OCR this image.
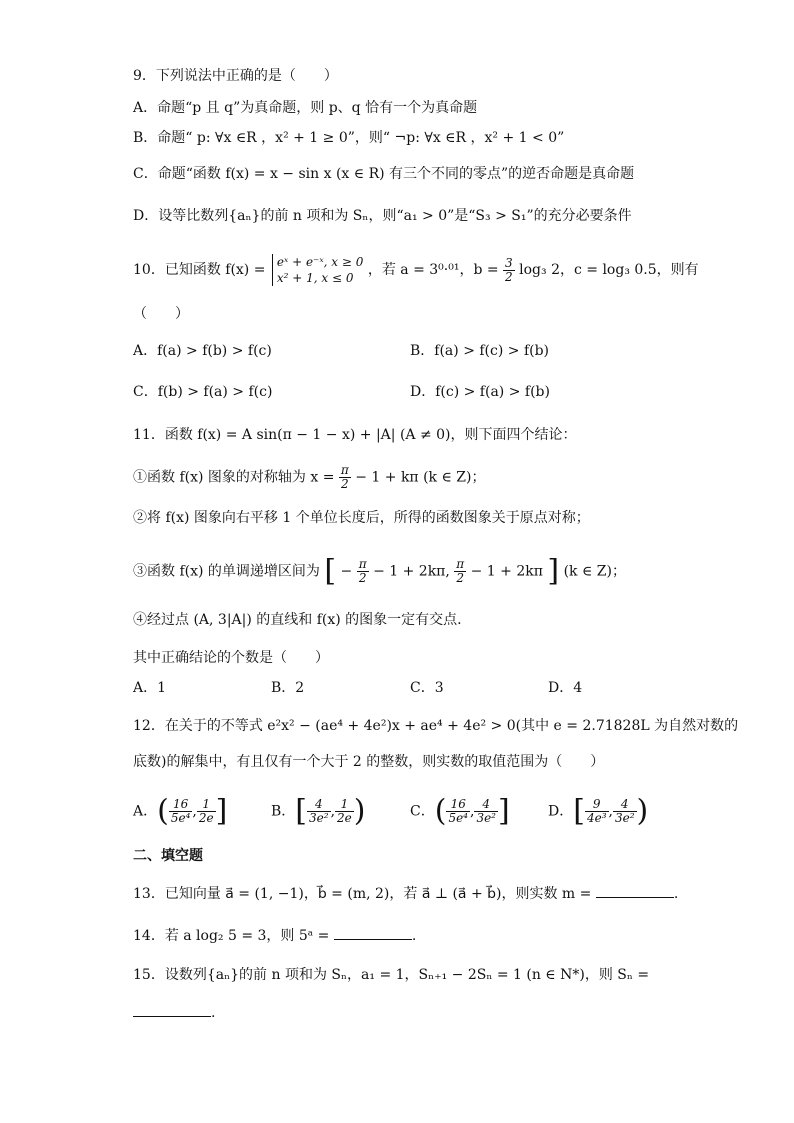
9．下列说法中正确的是（　　）
A．命题“p 且 q”为真命题，则 p、q 恰有一个为真命题
B．命题“ p: ∀x ∈R ，x² + 1 ≥ 0”，则“ ¬p: ∀x ∈R ，x² + 1 < 0”
C．命题“函数 f(x) = x − sin x (x ∈ R) 有三个不同的零点”的逆否命题是真命题
D．设等比数列{aₙ}的前 n 项和为 Sₙ，则“a₁ > 0”是“S₃ > S₁”的充分必要条件
10．已知函数 f(x) = eˣ + e⁻ˣ, x ≥ 0
x² + 1, x ≤ 0	，若 a = 3⁰·⁰¹，$b = \frac{3}{2} \log_3$ 2，c = log₃ 0.5，则有
（　　）
A．f(a) > f(b) > f(c)	B．f(a) > f(c) > f(b)
C．f(b) > f(a) > f(c)	D．f(c) > f(a) > f(b)
11．函数 f(x) = A sin(π − 1 − x) + |A| (A ≠ 0)，则下面四个结论：
①函数 f(x) 图象的对称轴为 $x = \frac{\pi}{2} - 1 + k\pi$ (k ∈ Z)；
②将 f(x) 图象向右平移 1 个单位长度后，所得的函数图象关于原点对称；
③函数 f(x) 的单调递增区间为 [ − $\frac{\pi}{2} - 1 + 2k\pi$, $\frac{\pi}{2} - 1 + 2k\pi$ ] (k ∈ Z)；
④经过点 (A, 3|A|) 的直线和 f(x) 的图象一定有交点.
其中正确结论的个数是（　　）
A．1	B．2	C．3	D．4
12．在关于的不等式 e²x² − (ae⁴ + 4e²)x + ae⁴ + 4e² > 0(其中 e = 2.71828L 为自然对数的
底数)的解集中，有且仅有一个大于 2 的整数，则实数的取值范围为（　　）
A．( $\frac{16}{\text{5e⁴}}$ , $\frac{1}{2e}$ ]	B．[ $\frac{4}{\text{3e²}}$ , $\frac{1}{2e}$ )	C．( $\frac{16}{\text{5e⁴}}$ , $\frac{4}{\text{3e²}}$ ]	D．[ $\frac{9}{\text{4e³}}$ , $\frac{4}{\text{3e²}}$ )
二、填空题
13．已知向量 a⃗ = (1, −1)，b⃗ = (m, 2)，若 a⃗ ⊥ (a⃗ + b⃗)，则实数 m =	.
14．若 a log₂ 5 = 3，则 5ᵃ =	.
15．设数列{aₙ}的前 n 项和为 Sₙ，a₁ = 1，Sₙ₊₁ − 2Sₙ = 1 (n ∈ N*)，则 Sₙ =
.
